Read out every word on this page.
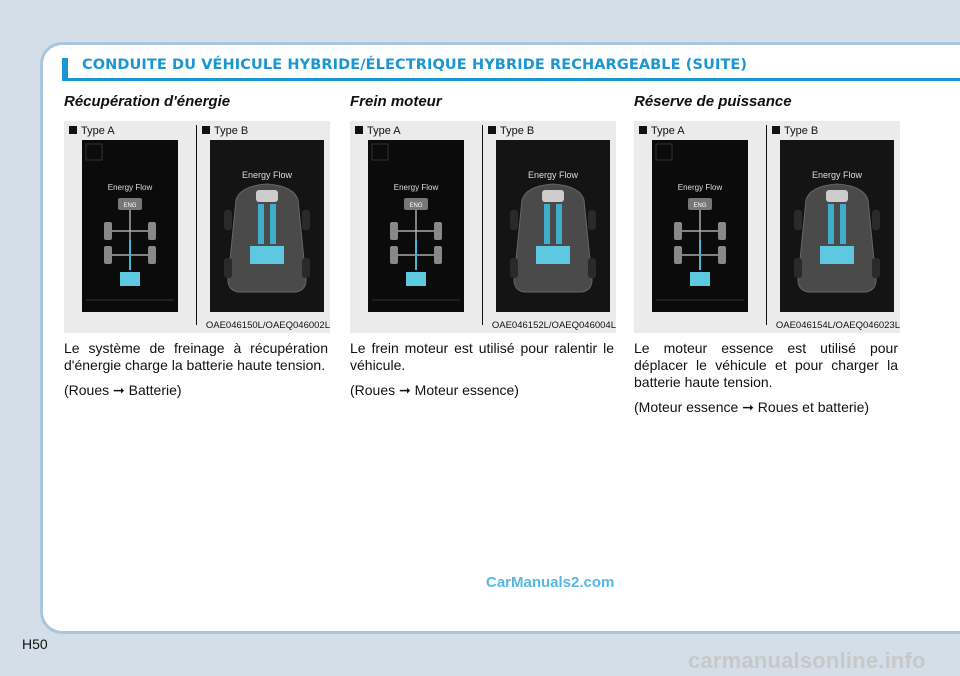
CONDUITE DU VÉHICULE HYBRIDE/ÉLECTRIQUE HYBRIDE RECHARGEABLE (SUITE)
Récupération d'énergie
Type A	Type B
Energy Flow
ENG
Energy Flow
OAE046150L/OAEQ046002L

Le système de freinage à récupération d'énergie charge la batterie haute tension.

(Roues ➞ Batterie)

Frein moteur
Type A	Type B
Energy Flow
ENG
Energy Flow
OAE046152L/OAEQ046004L

Le frein moteur est utilisé pour ralentir le véhicule.

(Roues ➞ Moteur essence)

Réserve de puissance
Type A	Type B
Energy Flow
ENG
Energy Flow
OAE046154L/OAEQ046023L

Le moteur essence est utilisé pour déplacer le véhicule et pour charger la batterie haute tension.

(Moteur essence ➞ Roues et batterie)

CarManuals2.com
H50
carmanualsonline.info
